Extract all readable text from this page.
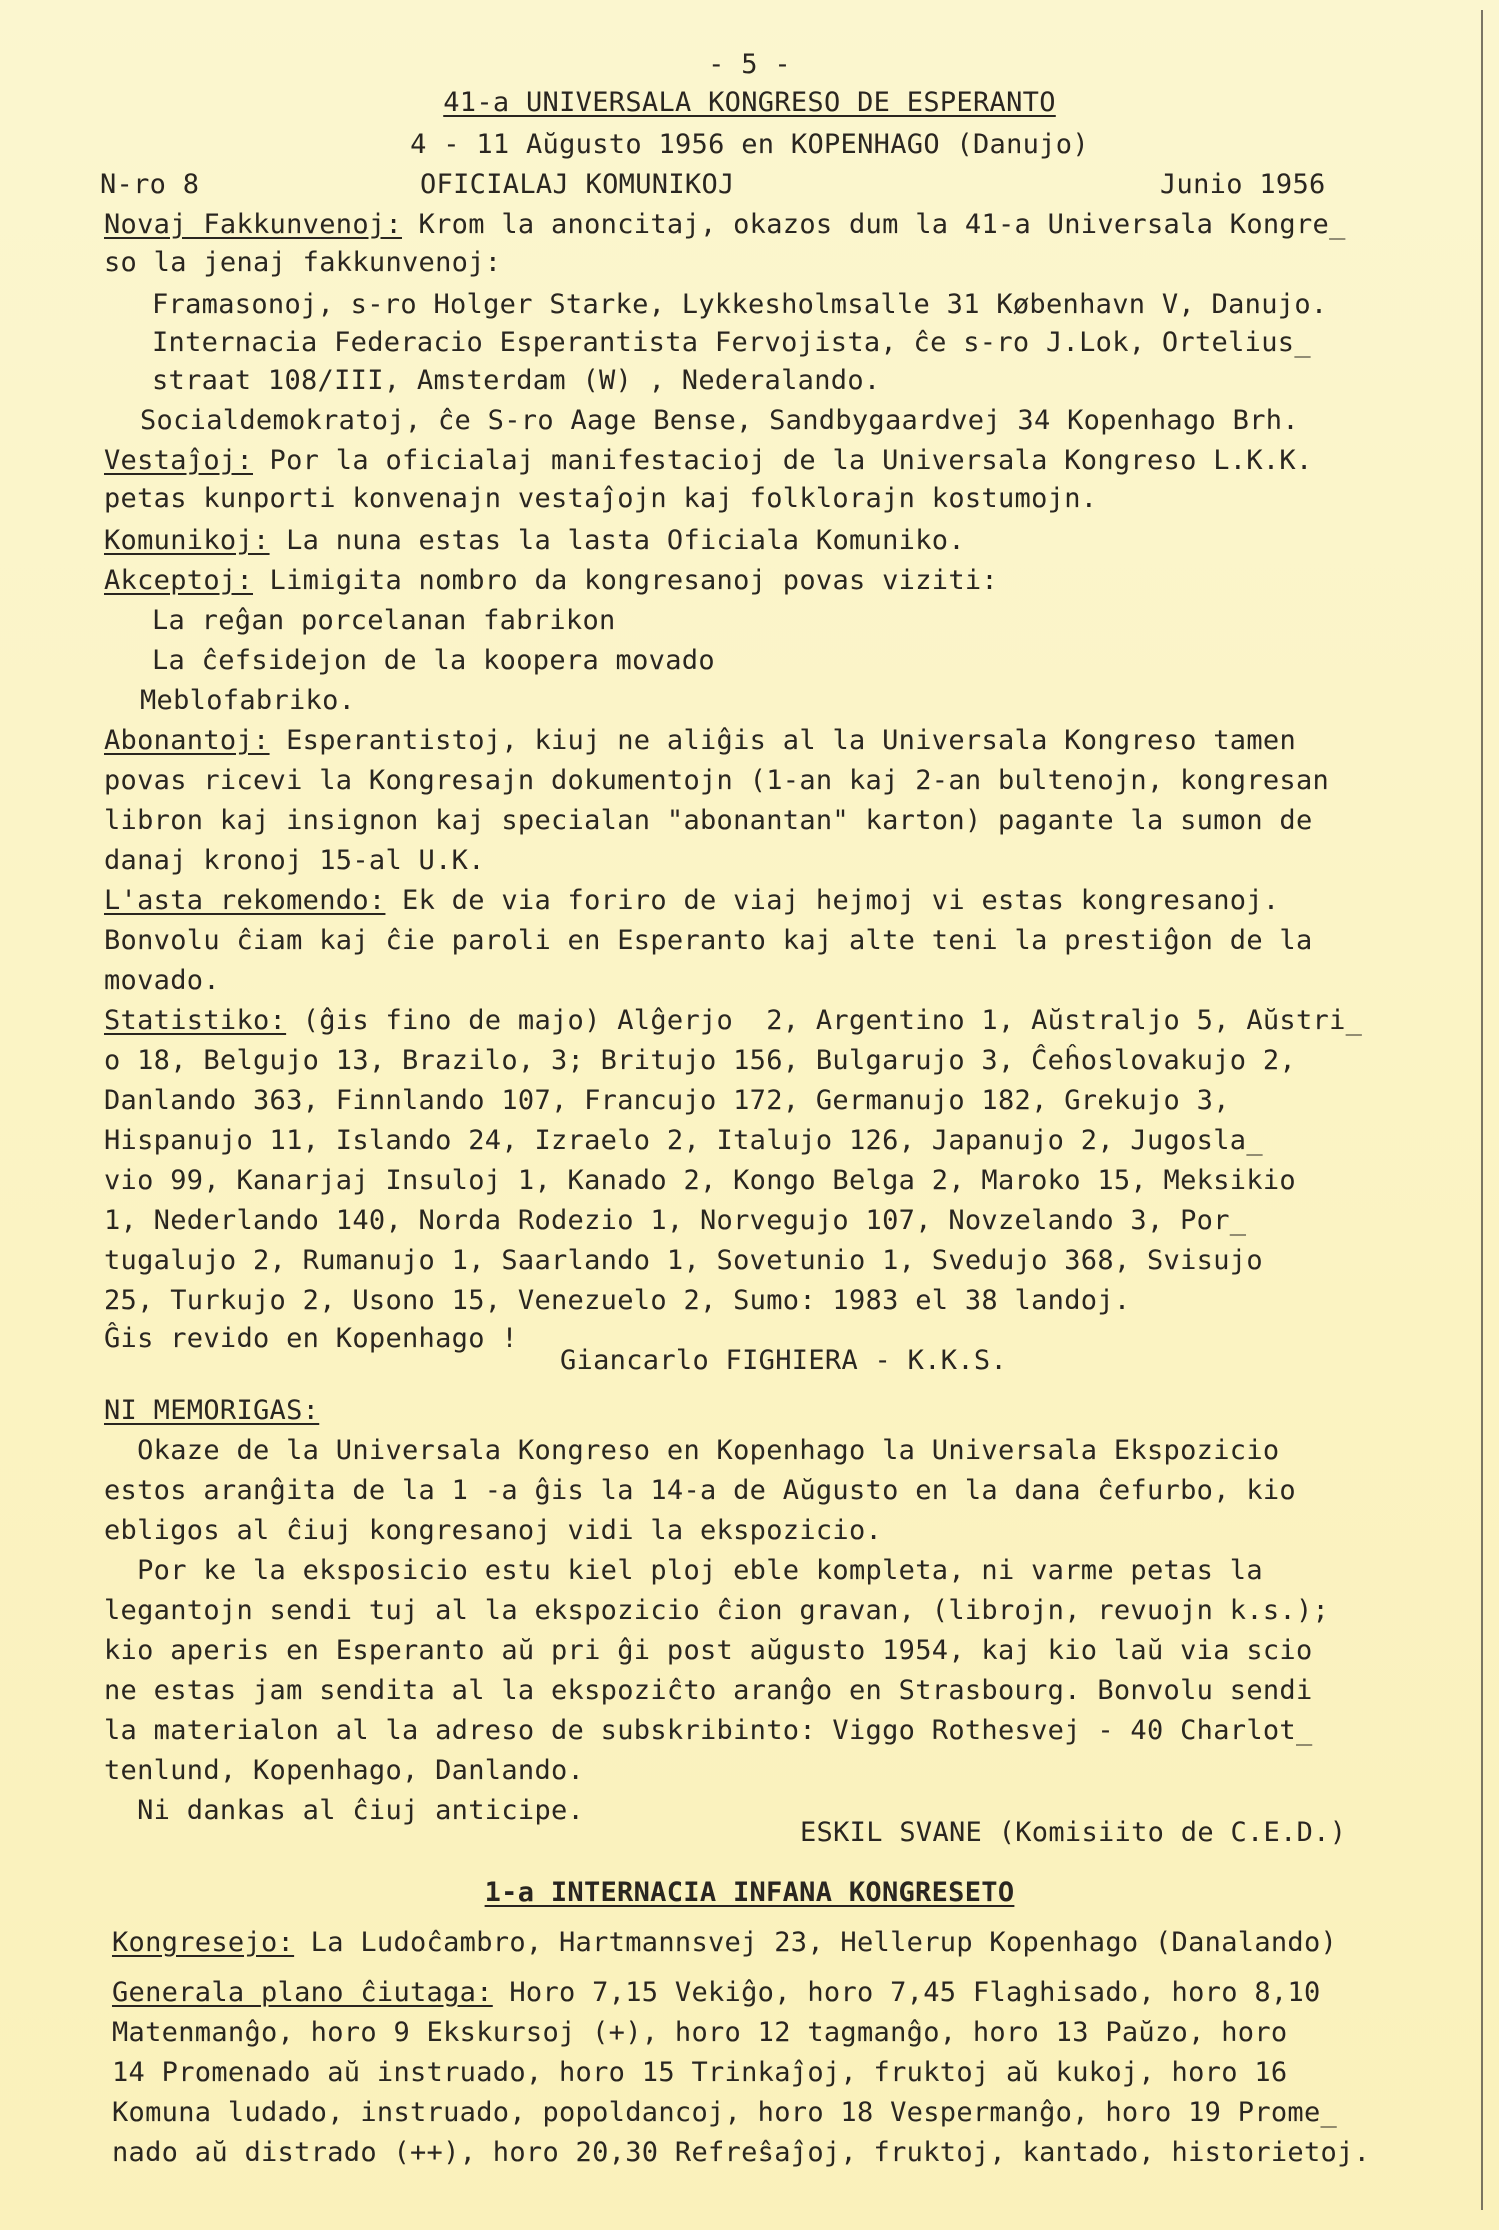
- 5 -
41-a UNIVERSALA KONGRESO DE ESPERANTO
4 - 11 Aŭgusto 1956 en KOPENHAGO (Danujo)
N-ro 8	OFICIALAJ KOMUNIKOJ	Junio 1956
Novaj Fakkunvenoj: Krom la anoncitaj, okazos dum la 41-a Universala Kongre_
so la jenaj fakkunvenoj:
Framasonoj, s-ro Holger Starke, Lykkesholmsalle 31 København V, Danujo.
Internacia Federacio Esperantista Fervojista, ĉe s-ro J.Lok, Ortelius_
straat 108/III, Amsterdam (W) , Nederalando.
Socialdemokratoj, ĉe S-ro Aage Bense, Sandbygaardvej 34 Kopenhago Brh.
Vestaĵoj: Por la oficialaj manifestacioj de la Universala Kongreso L.K.K.
petas kunporti konvenajn vestaĵojn kaj folklorajn kostumojn.
Komunikoj: La nuna estas la lasta Oficiala Komuniko.
Akceptoj: Limigita nombro da kongresanoj povas viziti:
La reĝan porcelanan fabrikon
La ĉefsidejon de la koopera movado
Meblofabriko.
Abonantoj: Esperantistoj, kiuj ne aliĝis al la Universala Kongreso tamen
povas ricevi la Kongresajn dokumentojn (1-an kaj 2-an bultenojn, kongresan
libron kaj insignon kaj specialan "abonantan" karton) pagante la sumon de
danaj kronoj 15-al U.K.
L'asta rekomendo: Ek de via foriro de viaj hejmoj vi estas kongresanoj.
Bonvolu ĉiam kaj ĉie paroli en Esperanto kaj alte teni la prestiĝon de la
movado.
Statistiko: (ĝis fino de majo) Alĝerjo  2, Argentino 1, Aŭstraljo 5, Aŭstri_
o 18, Belgujo 13, Brazilo, 3; Britujo 156, Bulgarujo 3, Ĉeĥoslovakujo 2,
Danlando 363, Finnlando 107, Francujo 172, Germanujo 182, Grekujo 3,
Hispanujo 11, Islando 24, Izraelo 2, Italujo 126, Japanujo 2, Jugosla_
vio 99, Kanarjaj Insuloj 1, Kanado 2, Kongo Belga 2, Maroko 15, Meksikio
1, Nederlando 140, Norda Rodezio 1, Norvegujo 107, Novzelando 3, Por_
tugalujo 2, Rumanujo 1, Saarlando 1, Sovetunio 1, Svedujo 368, Svisujo
25, Turkujo 2, Usono 15, Venezuelo 2, Sumo: 1983 el 38 landoj.
Ĝis revido en Kopenhago !
Giancarlo FIGHIERA - K.K.S.
NI MEMORIGAS:
Okaze de la Universala Kongreso en Kopenhago la Universala Ekspozicio
estos aranĝita de la 1 -a ĝis la 14-a de Aŭgusto en la dana ĉefurbo, kio
ebligos al ĉiuj kongresanoj vidi la ekspozicio.
Por ke la eksposicio estu kiel ploj eble kompleta, ni varme petas la
legantojn sendi tuj al la ekspozicio ĉion gravan, (librojn, revuojn k.s.);
kio aperis en Esperanto aŭ pri ĝi post aŭgusto 1954, kaj kio laŭ via scio
ne estas jam sendita al la ekspoziĉto aranĝo en Strasbourg. Bonvolu sendi
la materialon al la adreso de subskribinto: Viggo Rothesvej - 40 Charlot_
tenlund, Kopenhago, Danlando.
Ni dankas al ĉiuj anticipe.
ESKIL SVANE (Komisiito de C.E.D.)
1-a INTERNACIA INFANA KONGRESETO
Kongresejo: La Ludoĉambro, Hartmannsvej 23, Hellerup Kopenhago (Danalando)
Generala plano ĉiutaga: Horo 7,15 Vekiĝo, horo 7,45 Flaghisado, horo 8,10
Matenmanĝo, horo 9 Ekskursoj (+), horo 12 tagmanĝo, horo 13 Paŭzo, horo
14 Promenado aŭ instruado, horo 15 Trinkaĵoj, fruktoj aŭ kukoj, horo 16
Komuna ludado, instruado, popoldancoj, horo 18 Vespermanĝo, horo 19 Prome_
nado aŭ distrado (++), horo 20,30 Refreŝaĵoj, fruktoj, kantado, historietoj.
